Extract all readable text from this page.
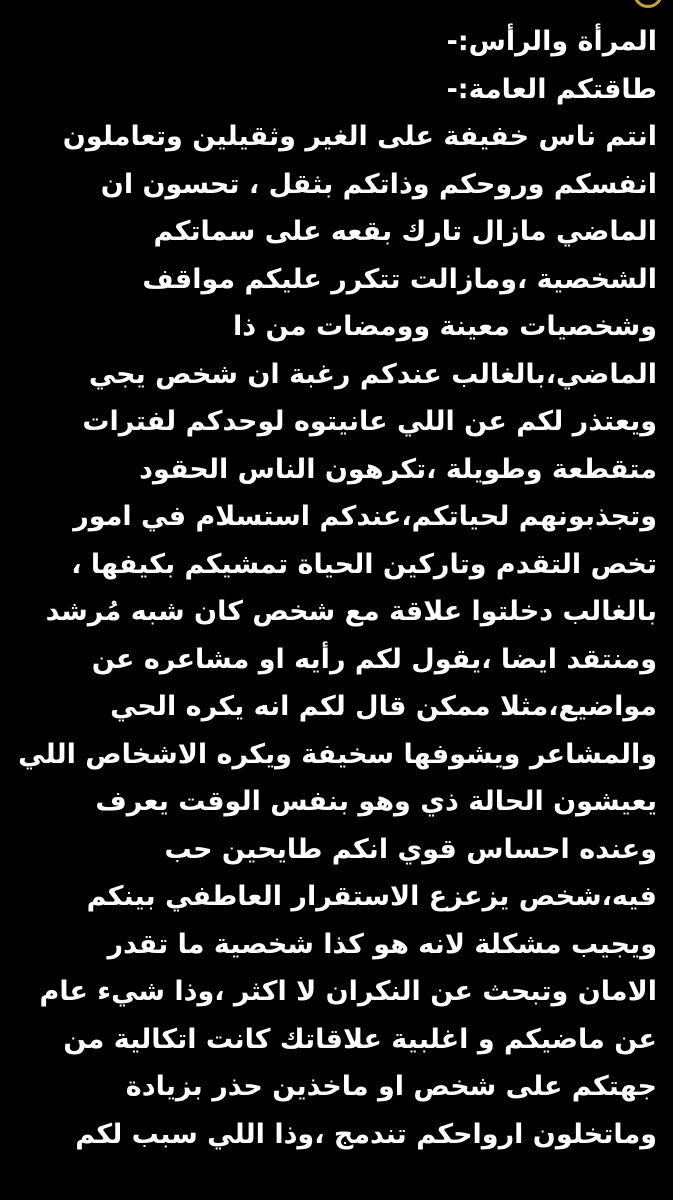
المرأة والرأس:-
طاقتكم العامة:-
انتم ناس خفيفة على الغير وثقيلين وتعاملون
انفسكم وروحكم وذاتكم بثقل ، تحسون ان
الماضي مازال تارك بقعه على سماتكم
الشخصية ،ومازالت تتكرر عليكم مواقف
وشخصيات معينة وومضات من ذا
الماضي،بالغالب عندكم رغبة ان شخص يجي
ويعتذر لكم عن اللي عانيتوه لوحدكم لفترات
متقطعة وطويلة ،تكرهون الناس الحقود
وتجذبونهم لحياتكم،عندكم استسلام في امور
تخص التقدم وتاركين الحياة تمشيكم بكيفها ،
بالغالب دخلتوا علاقة مع شخص كان شبه مُرشد
ومنتقد ايضا ،يقول لكم رأيه او مشاعره عن
مواضيع،مثلا ممكن قال لكم انه يكره الحي
والمشاعر ويشوفها سخيفة ويكره الاشخاص اللي
يعيشون الحالة ذي وهو بنفس الوقت يعرف
وعنده احساس قوي انكم طايحين حب
فيه،شخص يزعزع الاستقرار العاطفي بينكم
ويجيب مشكلة لانه هو كذا شخصية ما تقدر
الامان وتبحث عن النكران لا اكثر ،وذا شيء عام
عن ماضيكم و اغلبية علاقاتك كانت اتكالية من
جهتكم على شخص او ماخذين حذر بزيادة
وماتخلون ارواحكم تندمج ،وذا اللي سبب لكم
